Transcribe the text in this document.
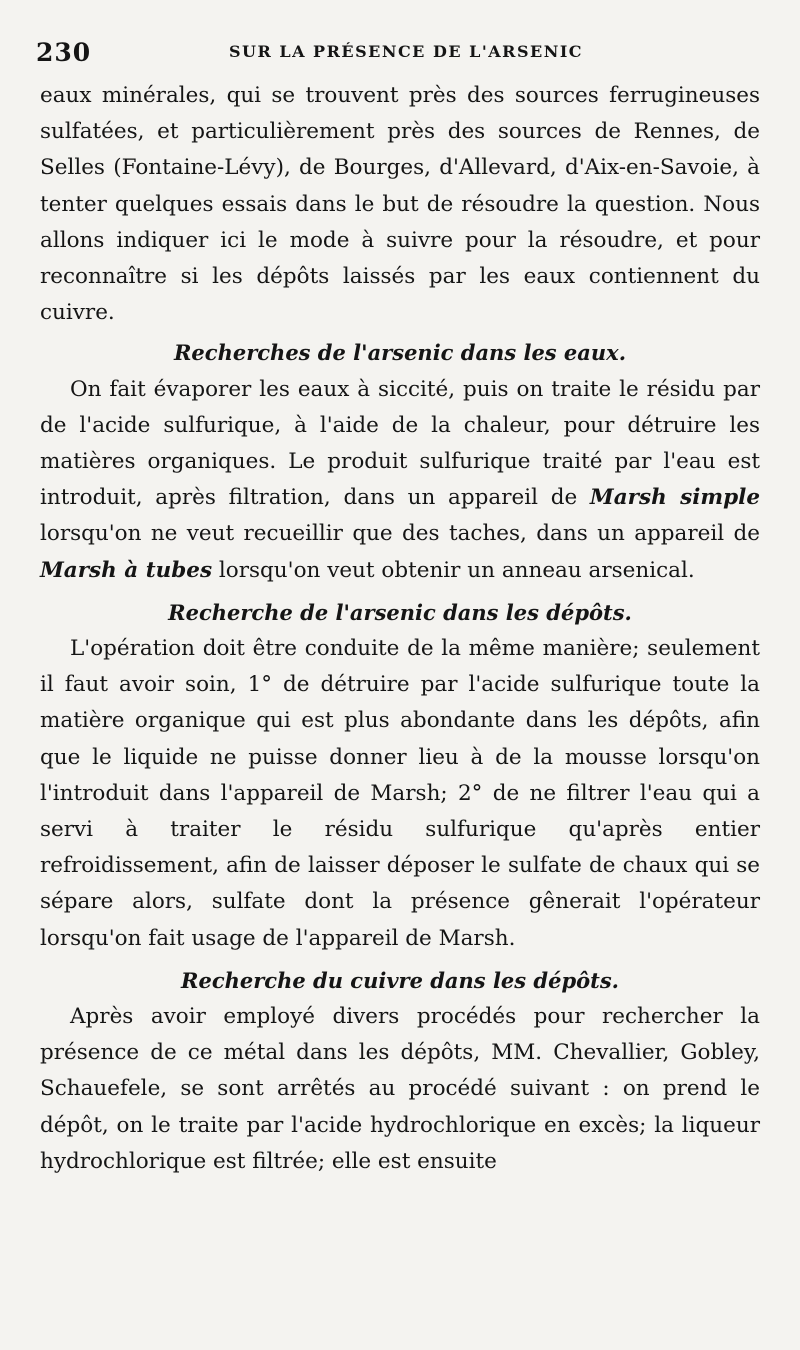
230	SUR LA PRÉSENCE DE L'ARSENIC

eaux minérales, qui se trouvent près des sources ferrugineuses sulfatées, et particulièrement près des sources de Rennes, de Selles (Fontaine-Lévy), de Bourges, d'Allevard, d'Aix-en-Savoie, à tenter quelques essais dans le but de résoudre la question. Nous allons indiquer ici le mode à suivre pour la résoudre, et pour reconnaître si les dépôts laissés par les eaux contiennent du cuivre.

Recherches de l'arsenic dans les eaux.

On fait évaporer les eaux à siccité, puis on traite le résidu par de l'acide sulfurique, à l'aide de la chaleur, pour détruire les matières organiques. Le produit sulfurique traité par l'eau est introduit, après filtration, dans un appareil de Marsh simple lorsqu'on ne veut recueillir que des taches, dans un appareil de Marsh à tubes lorsqu'on veut obtenir un anneau arsenical.

Recherche de l'arsenic dans les dépôts.

L'opération doit être conduite de la même manière; seulement il faut avoir soin, 1° de détruire par l'acide sulfurique toute la matière organique qui est plus abondante dans les dépôts, afin que le liquide ne puisse donner lieu à de la mousse lorsqu'on l'introduit dans l'appareil de Marsh; 2° de ne filtrer l'eau qui a servi à traiter le résidu sulfurique qu'après entier refroidissement, afin de laisser déposer le sulfate de chaux qui se sépare alors, sulfate dont la présence gênerait l'opérateur lorsqu'on fait usage de l'appareil de Marsh.

Recherche du cuivre dans les dépôts.

Après avoir employé divers procédés pour rechercher la présence de ce métal dans les dépôts, MM. Chevallier, Gobley, Schauefele, se sont arrêtés au procédé suivant : on prend le dépôt, on le traite par l'acide hydrochlorique en excès; la liqueur hydrochlorique est filtrée; elle est ensuite
